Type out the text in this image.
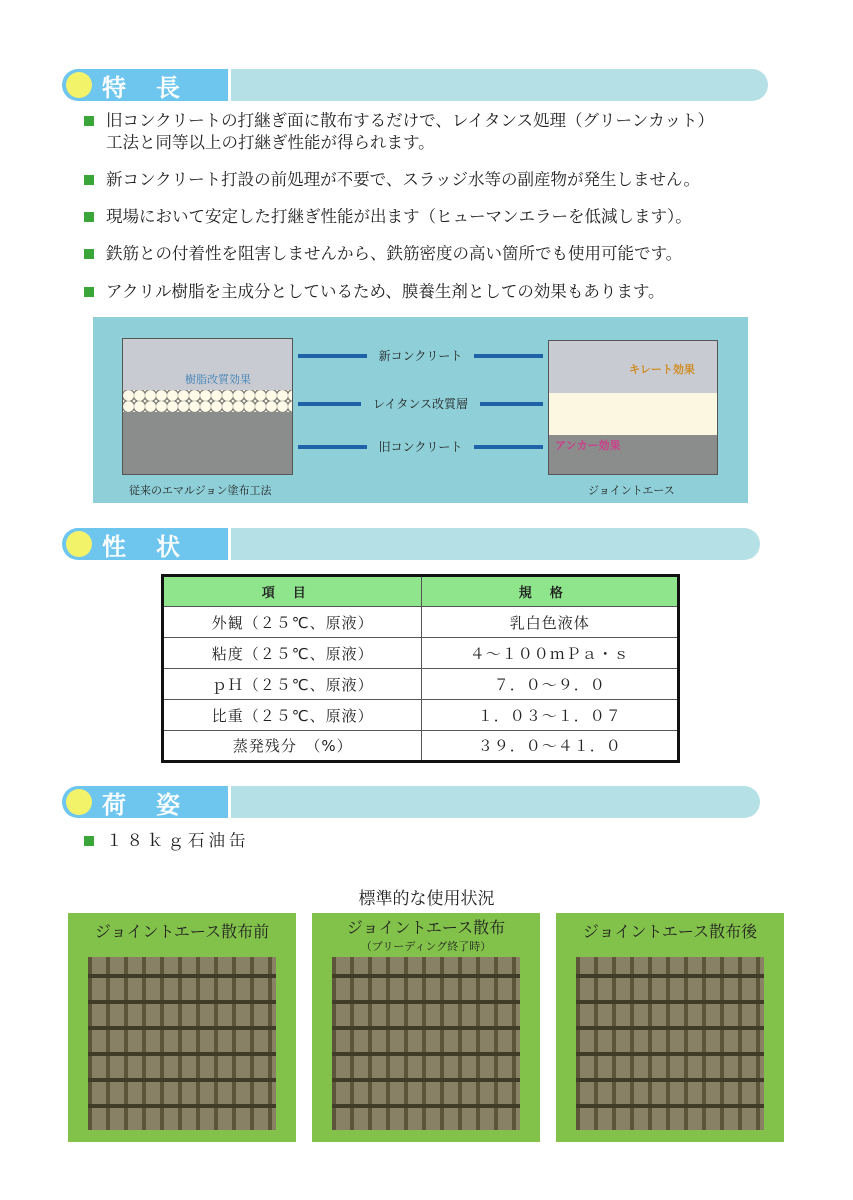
特長
旧コンクリートの打継ぎ面に散布するだけで、レイタンス処理（グリーンカット）
工法と同等以上の打継ぎ性能が得られます。
新コンクリート打設の前処理が不要で、スラッジ水等の副産物が発生しません。
現場において安定した打継ぎ性能が出ます（ヒューマンエラーを低減します）。
鉄筋との付着性を阻害しませんから、鉄筋密度の高い箇所でも使用可能です。
アクリル樹脂を主成分としているため、膜養生剤としての効果もあります。
樹脂改質効果
キレート効果
アンカー効果
新コンクリート
レイタンス改質層
旧コンクリート
従来のエマルジョン塗布工法	ジョイントエース
性状
項目	規格
外観（２５℃、原液）	乳白色液体
粘度（２５℃、原液）	４～１００ｍＰａ・ｓ
ｐＨ（２５℃、原液）	７．０～９．０
比重（２５℃、原液）	１．０３～１．０７
蒸発残分　（%）	３９．０～４１．０
荷姿
１８ｋｇ石油缶
標準的な使用状況
ジョイントエース散布前	ジョイントエース散布
（ブリーディング終了時）
ジョイントエース散布後
